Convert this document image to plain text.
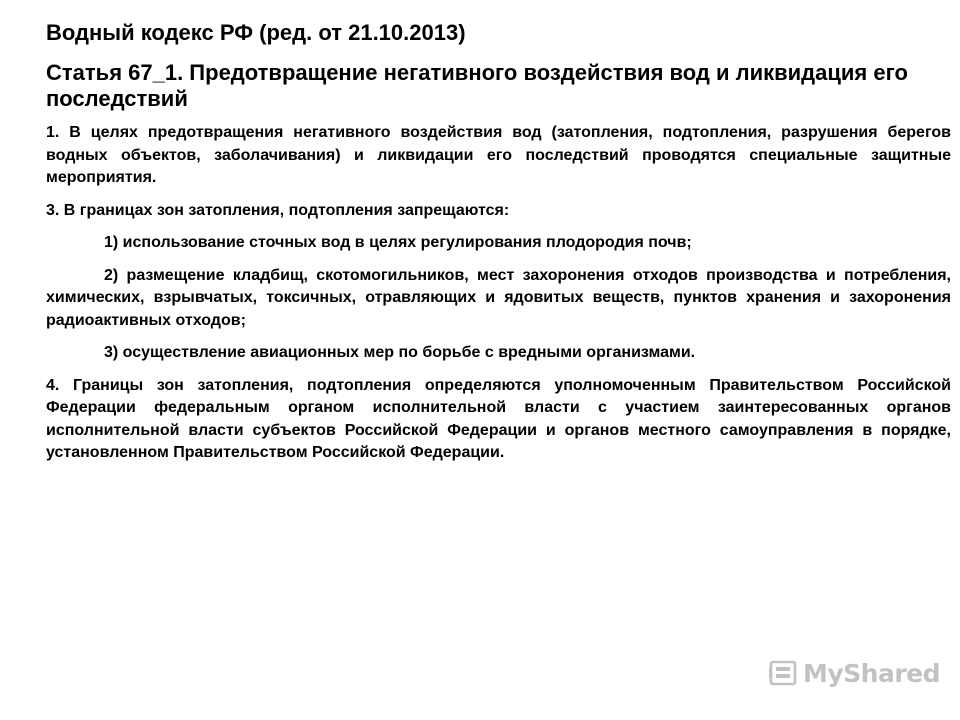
Водный кодекс РФ (ред. от 21.10.2013)
Статья 67_1. Предотвращение негативного воздействия вод и ликвидация его последствий
1. В целях предотвращения негативного воздействия вод (затопления, подтопления, разрушения берегов водных объектов, заболачивания) и ликвидации его последствий проводятся специальные защитные мероприятия.
3. В границах зон затопления, подтопления запрещаются:
1) использование сточных вод в целях регулирования плодородия почв;
2) размещение кладбищ, скотомогильников, мест захоронения отходов производства и потребления, химических, взрывчатых, токсичных, отравляющих и ядовитых веществ, пунктов хранения и захоронения радиоактивных отходов;
3) осуществление авиационных мер по борьбе с вредными организмами.
4. Границы зон затопления, подтопления определяются уполномоченным Правительством Российской Федерации федеральным органом исполнительной власти с участием заинтересованных органов исполнительной власти субъектов Российской Федерации и органов местного самоуправления в порядке, установленном Правительством Российской Федерации.
MyShared
